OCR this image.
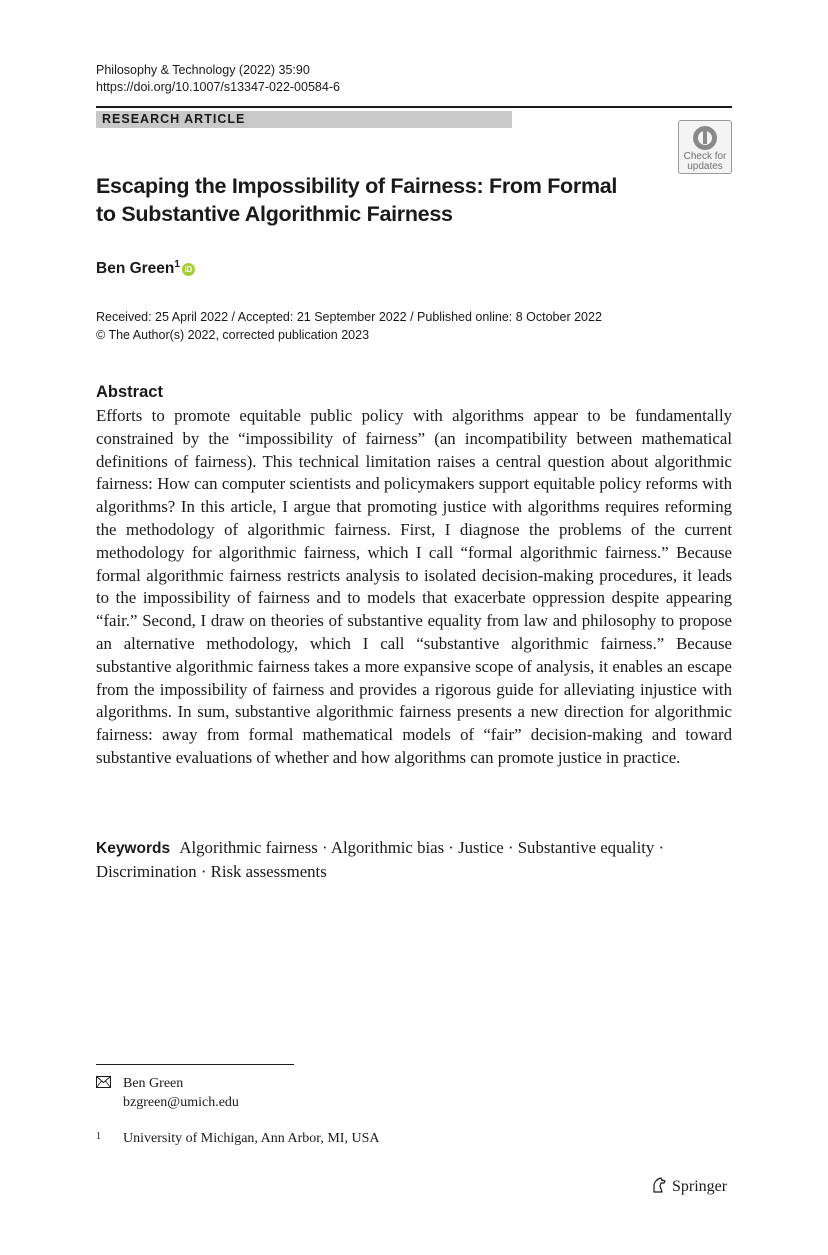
Philosophy & Technology (2022) 35:90
https://doi.org/10.1007/s13347-022-00584-6
RESEARCH ARTICLE
Check for
updates
Escaping the Impossibility of Fairness: From Formal
to Substantive Algorithmic Fairness
Ben Green$^1$ iD
Received: 25 April 2022 / Accepted: 21 September 2022 / Published online: 8 October 2022
© The Author(s) 2022, corrected publication 2023
Abstract
Efforts to promote equitable public policy with algorithms appear to be fundamentally constrained by the “impossibility of fairness” (an incompatibility between mathematical definitions of fairness). This technical limitation raises a central question about algorithmic fairness: How can computer scientists and policymakers support equitable policy reforms with algorithms? In this article, I argue that promoting justice with algorithms requires reforming the methodology of algorithmic fairness. First, I diagnose the problems of the current methodology for algorithmic fairness, which I call “formal algorithmic fairness.” Because formal algorithmic fairness restricts analysis to isolated decision-making procedures, it leads to the impossibility of fairness and to models that exacerbate oppression despite appearing “fair.” Second, I draw on theories of substantive equality from law and philosophy to propose an alternative methodology, which I call “substantive algorithmic fairness.” Because substantive algorithmic fairness takes a more expansive scope of analysis, it enables an escape from the impossibility of fairness and provides a rigorous guide for alleviating injustice with algorithms. In sum, substantive algorithmic fairness presents a new direction for algorithmic fairness: away from formal mathematical models of “fair” decision-making and toward substantive evaluations of whether and how algorithms can promote justice in practice.
Keywords Algorithmic fairness · Algorithmic bias · Justice · Substantive equality · Discrimination · Risk assessments
Ben Green
bzgreen@umich.edu
1 University of Michigan, Ann Arbor, MI, USA
Springer
